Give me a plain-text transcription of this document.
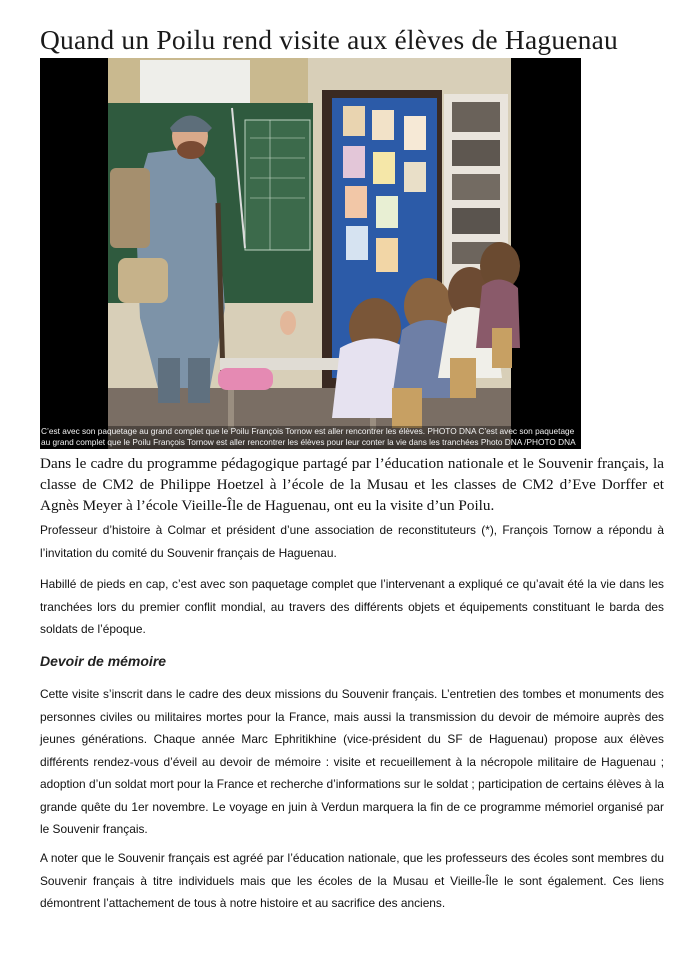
Quand un Poilu rend visite aux élèves de Haguenau
C’est avec son paquetage au grand complet que le Poilu François Tornow est aller rencontrer les élèves. PHOTO DNA C’est avec son paquetage au grand complet que le Poilu François Tornow est aller rencontrer les élèves pour leur conter la vie dans les tranchées Photo DNA /PHOTO DNA

Dans le cadre du programme pédagogique partagé par l’éducation nationale et le Souvenir français, la classe de CM2 de Philippe Hoetzel à l’école de la Musau et les classes de CM2 d’Eve Dorffer et Agnès Meyer à l’école Vieille-Île de Haguenau, ont eu la visite d’un Poilu.

Professeur d’histoire à Colmar et président d’une association de reconstituteurs (*), François Tornow a répondu à l’invitation du comité du Souvenir français de Haguenau.

Habillé de pieds en cap, c’est avec son paquetage complet que l’intervenant a expliqué ce qu’avait été la vie dans les tranchées lors du premier conflit mondial, au travers des différents objets et équipements constituant le barda des soldats de l’époque.

Devoir de mémoire

Cette visite s’inscrit dans le cadre des deux missions du Souvenir français. L’entretien des tombes et monuments des personnes civiles ou militaires mortes pour la France, mais aussi la transmission du devoir de mémoire auprès des jeunes générations. Chaque année Marc Ephritikhine (vice-président du SF de Haguenau) propose aux élèves différents rendez-vous d’éveil au devoir de mémoire : visite et recueillement à la nécropole militaire de Haguenau ; adoption d’un soldat mort pour la France et recherche d’informations sur le soldat ; participation de certains élèves à la grande quête du 1er novembre. Le voyage en juin à Verdun marquera la fin de ce programme mémoriel organisé par le Souvenir français.

A noter que le Souvenir français est agréé par l’éducation nationale, que les professeurs des écoles sont membres du Souvenir français à titre individuels mais que les écoles de la Musau et Vieille-Île le sont également. Ces liens démontrent l’attachement de tous à notre histoire et au sacrifice des anciens.
